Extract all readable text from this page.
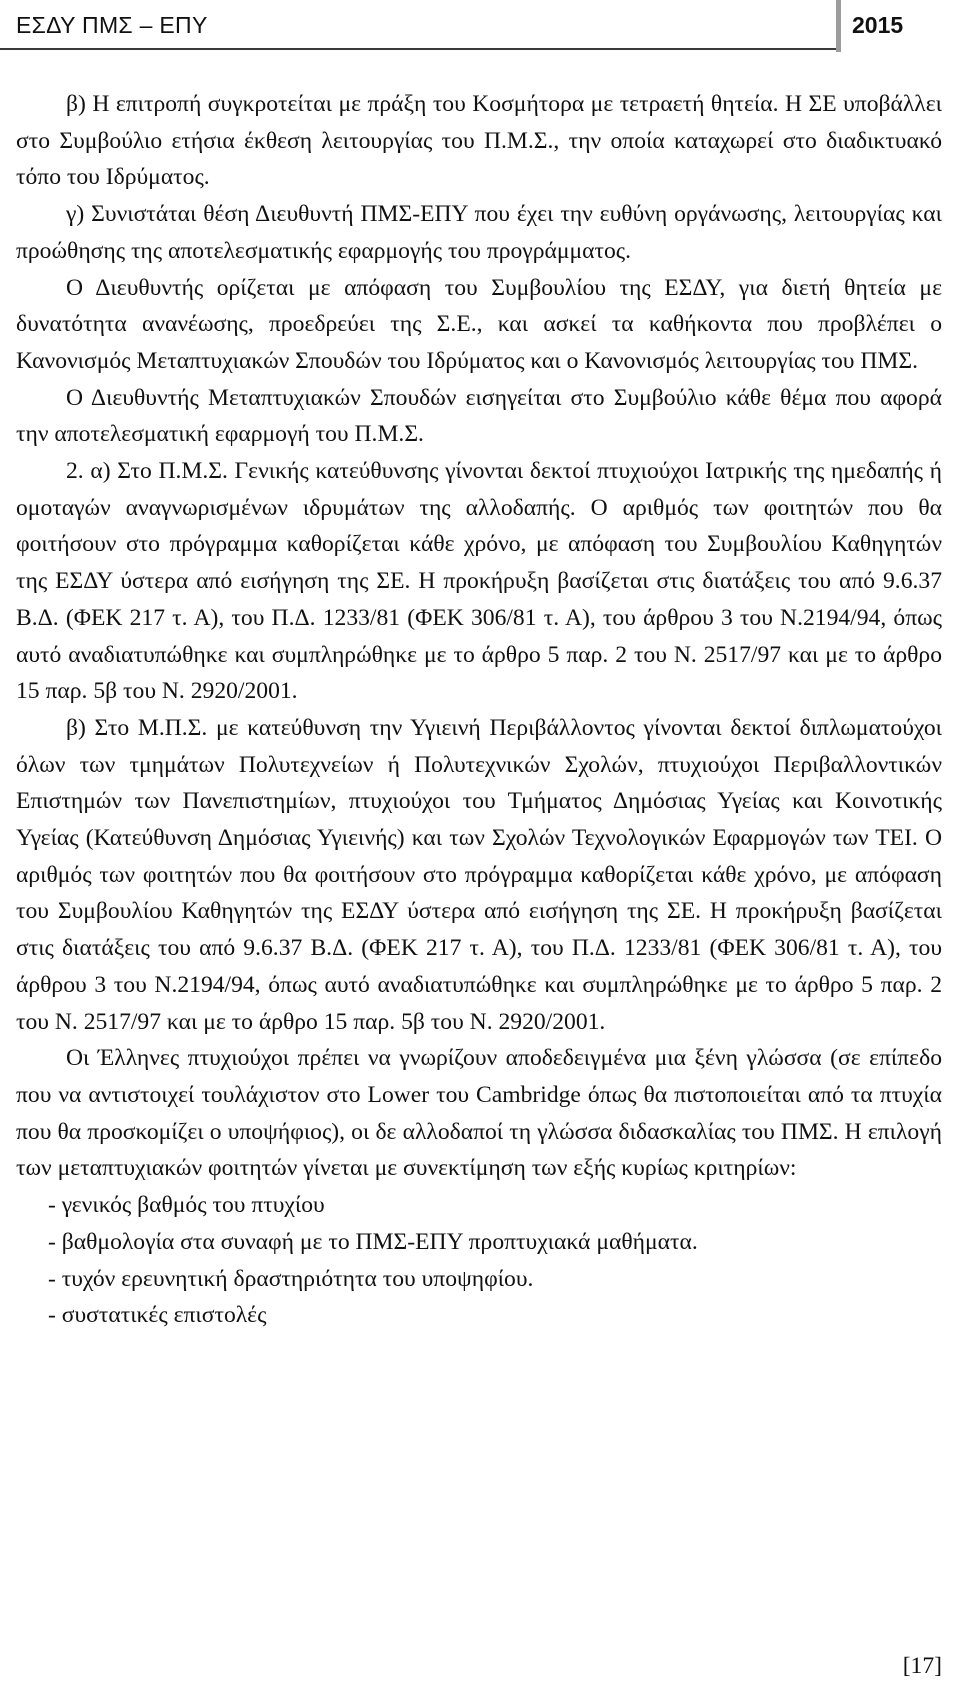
ΕΣΔΥ ΠΜΣ – ΕΠΥ	2015

β) Η επιτροπή συγκροτείται με πράξη του Κοσμήτορα με τετραετή θητεία. Η ΣΕ υποβάλλει στο Συμβούλιο ετήσια έκθεση λειτουργίας του Π.Μ.Σ., την οποία καταχωρεί στο διαδικτυακό τόπο του Ιδρύματος.

γ) Συνιστάται θέση Διευθυντή ΠΜΣ-ΕΠΥ που έχει την ευθύνη οργάνωσης, λειτουργίας και προώθησης της αποτελεσματικής εφαρμογής του προγράμματος.

Ο Διευθυντής ορίζεται με απόφαση του Συμβουλίου της ΕΣΔΥ, για διετή θητεία με δυνατότητα ανανέωσης, προεδρεύει της Σ.Ε., και ασκεί τα καθήκοντα που προβλέπει ο Κανονισμός Μεταπτυχιακών Σπουδών του Ιδρύματος και ο Κανονισμός λειτουργίας του ΠΜΣ.

Ο Διευθυντής Μεταπτυχιακών Σπουδών εισηγείται στο Συμβούλιο κάθε θέμα που αφορά την αποτελεσματική εφαρμογή του Π.Μ.Σ.

2. α) Στο Π.Μ.Σ. Γενικής κατεύθυνσης γίνονται δεκτοί πτυχιούχοι Ιατρικής της ημεδαπής ή ομοταγών αναγνωρισμένων ιδρυμάτων της αλλοδαπής. Ο αριθμός των φοιτητών που θα φοιτήσουν στο πρόγραμμα καθορίζεται κάθε χρόνο, με απόφαση του Συμβουλίου Καθηγητών της ΕΣΔΥ ύστερα από εισήγηση της ΣΕ. Η προκήρυξη βασίζεται στις διατάξεις του από 9.6.37 Β.Δ. (ΦΕΚ 217 τ. Α), του Π.Δ. 1233/81 (ΦΕΚ 306/81 τ. Α), του άρθρου 3 του Ν.2194/94, όπως αυτό αναδιατυπώθηκε και συμπληρώθηκε με το άρθρο 5 παρ. 2 του Ν. 2517/97 και με το άρθρο 15 παρ. 5β του Ν. 2920/2001.

β) Στο Μ.Π.Σ. με κατεύθυνση την Υγιεινή Περιβάλλοντος γίνονται δεκτοί διπλωματούχοι όλων των τμημάτων Πολυτεχνείων ή Πολυτεχνικών Σχολών, πτυχιούχοι Περιβαλλοντικών Επιστημών των Πανεπιστημίων, πτυχιούχοι του Τμήματος Δημόσιας Υγείας και Κοινοτικής Υγείας (Κατεύθυνση Δημόσιας Υγιεινής) και των Σχολών Τεχνολογικών Εφαρμογών των ΤΕΙ. Ο αριθμός των φοιτητών που θα φοιτήσουν στο πρόγραμμα καθορίζεται κάθε χρόνο, με απόφαση του Συμβουλίου Καθηγητών της ΕΣΔΥ ύστερα από εισήγηση της ΣΕ. Η προκήρυξη βασίζεται στις διατάξεις του από 9.6.37 Β.Δ. (ΦΕΚ 217 τ. Α), του Π.Δ. 1233/81 (ΦΕΚ 306/81 τ. Α), του άρθρου 3 του Ν.2194/94, όπως αυτό αναδιατυπώθηκε και συμπληρώθηκε με το άρθρο 5 παρ. 2 του Ν. 2517/97 και με το άρθρο 15 παρ. 5β του Ν. 2920/2001.

Οι Έλληνες πτυχιούχοι πρέπει να γνωρίζουν αποδεδειγμένα μια ξένη γλώσσα (σε επίπεδο που να αντιστοιχεί τουλάχιστον στο Lower του Cambridge όπως θα πιστοποιείται από τα πτυχία που θα προσκομίζει ο υποψήφιος), οι δε αλλοδαποί τη γλώσσα διδασκαλίας του ΠΜΣ. Η επιλογή των μεταπτυχιακών φοιτητών γίνεται με συνεκτίμηση των εξής κυρίως κριτηρίων:

- γενικός βαθμός του πτυχίου
- βαθμολογία στα συναφή με το ΠΜΣ-ΕΠΥ προπτυχιακά μαθήματα.
- τυχόν ερευνητική δραστηριότητα του υποψηφίου.
- συστατικές επιστολές
[17]
